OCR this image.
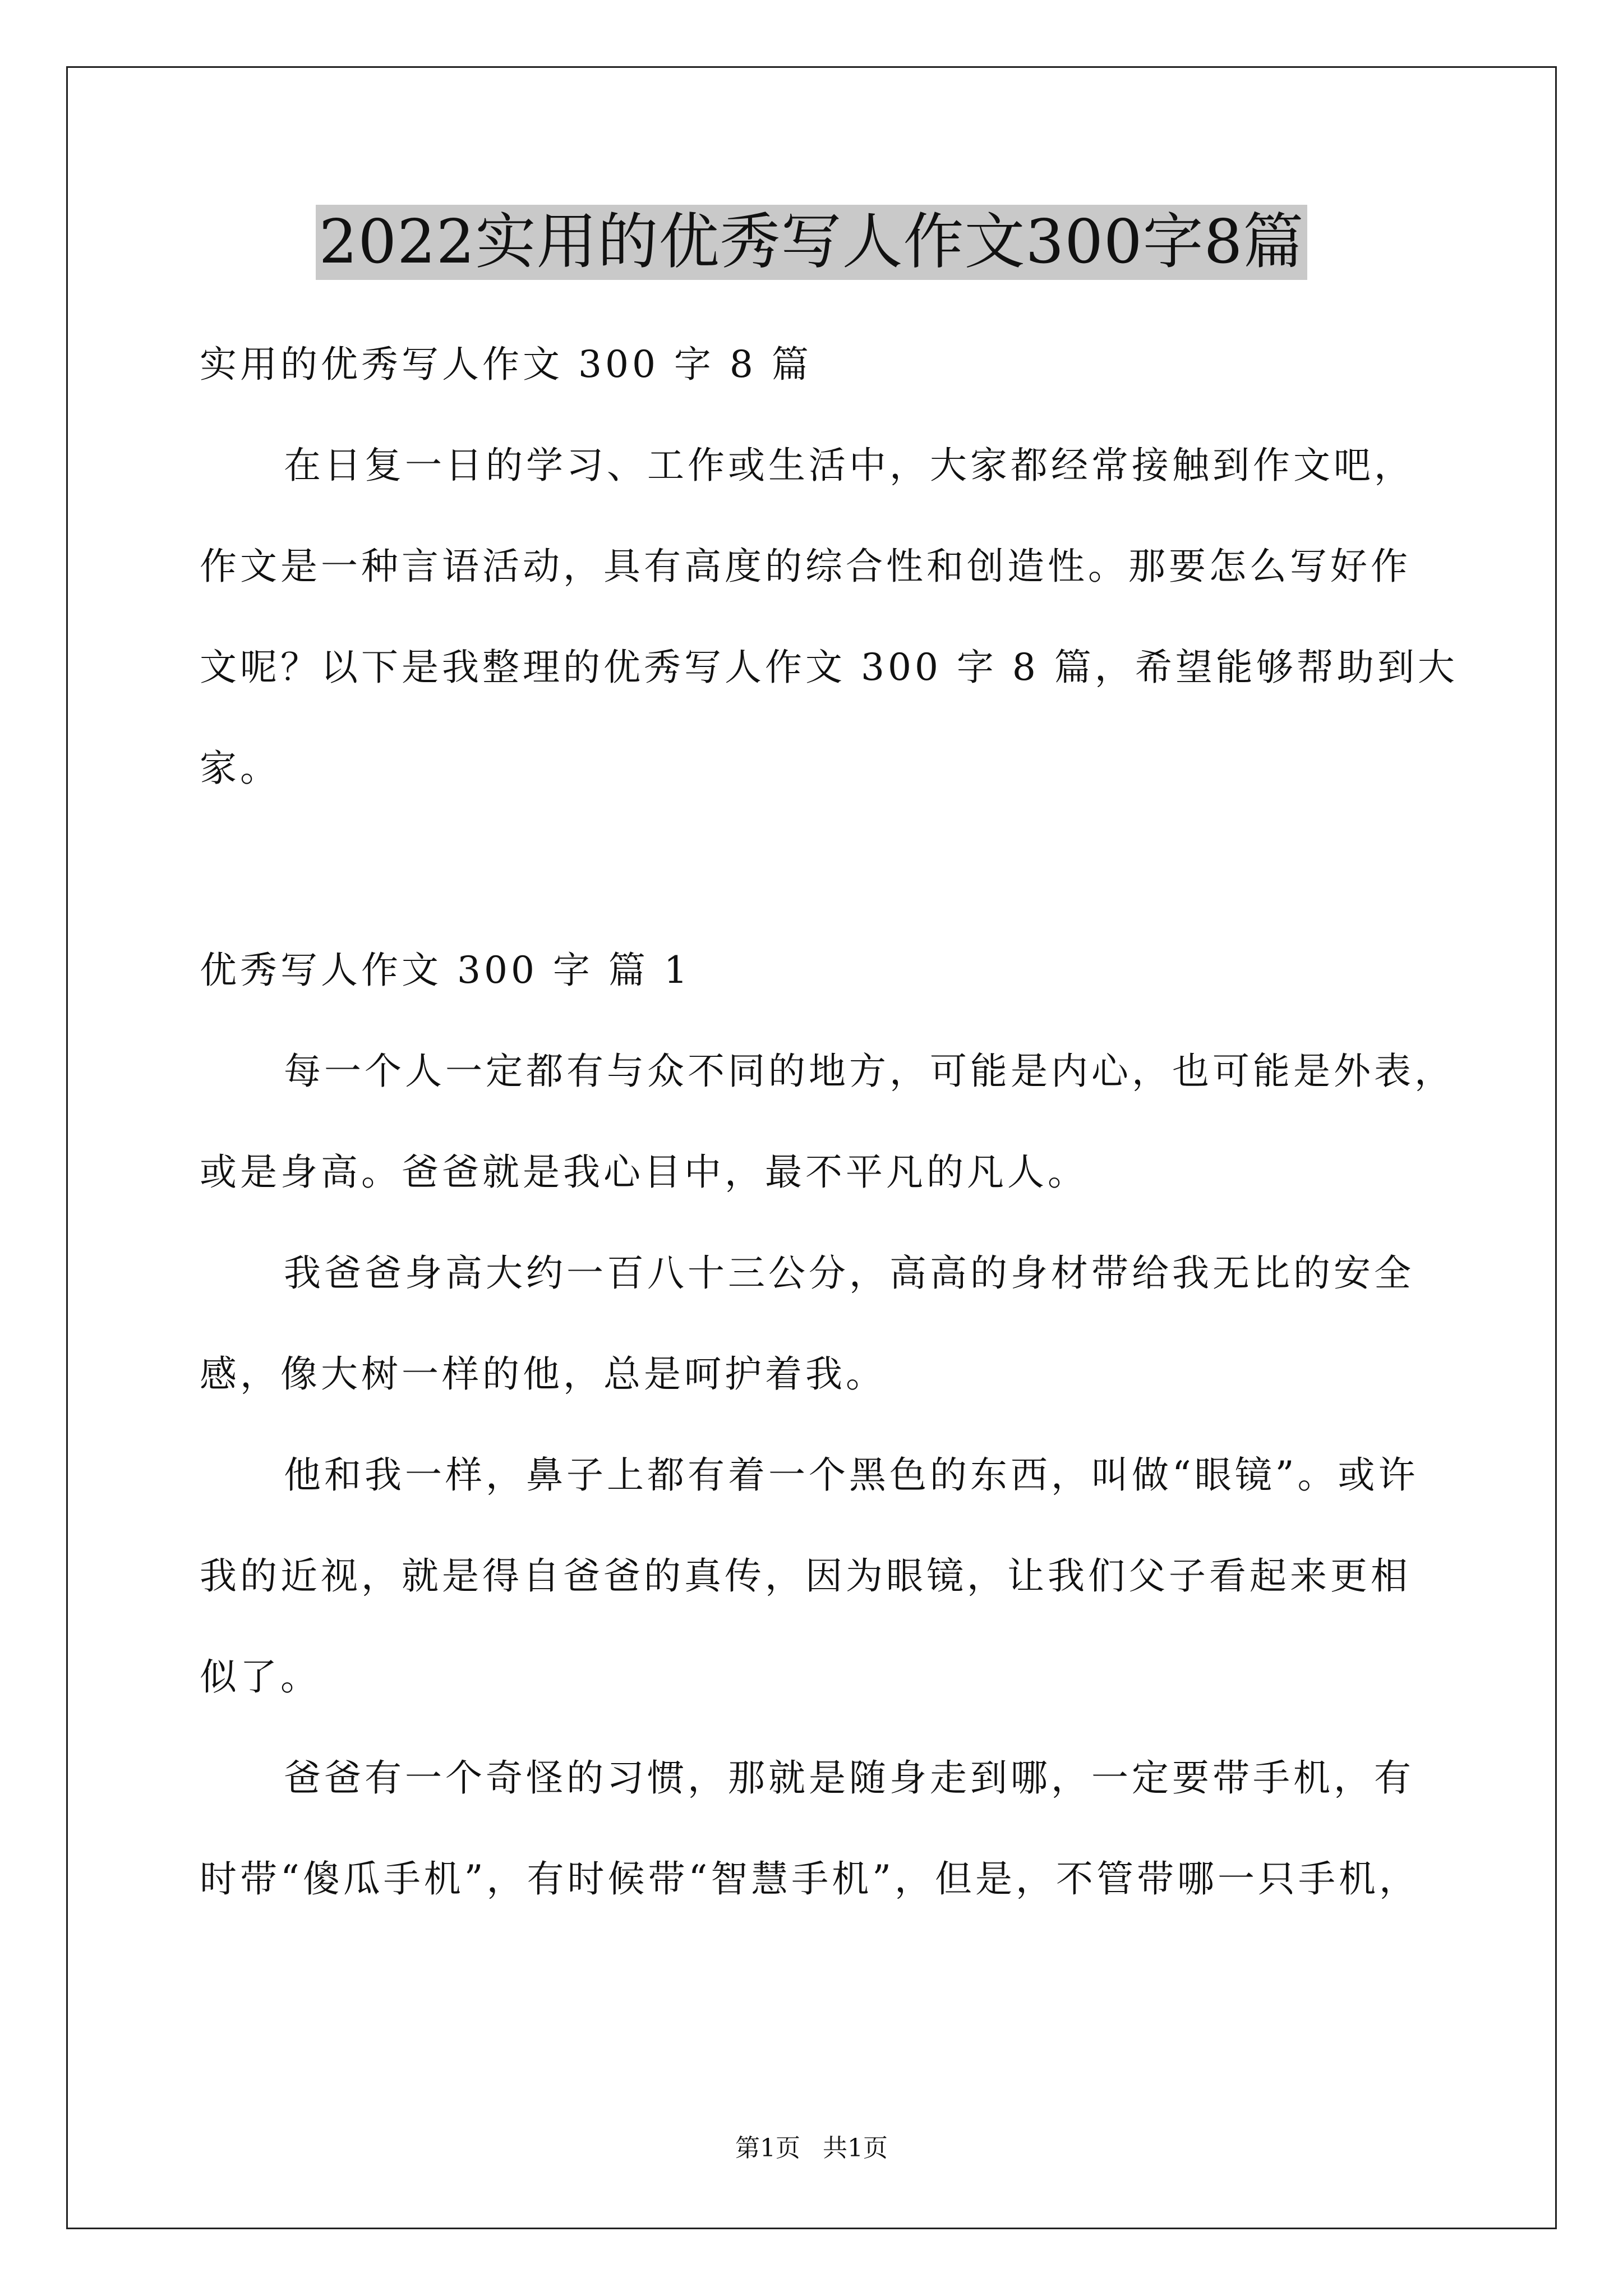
2022实用的优秀写人作文300字8篇
实用的优秀写人作文 300 字 8 篇
在日复一日的学习、工作或生活中，大家都经常接触到作文吧，
作文是一种言语活动，具有高度的综合性和创造性。那要怎么写好作
文呢？以下是我整理的优秀写人作文 300 字 8 篇，希望能够帮助到大
家。
优秀写人作文 300 字 篇 1
每一个人一定都有与众不同的地方，可能是内心，也可能是外表，
或是身高。爸爸就是我心目中，最不平凡的凡人。
我爸爸身高大约一百八十三公分，高高的身材带给我无比的安全
感，像大树一样的他，总是呵护着我。
他和我一样，鼻子上都有着一个黑色的东西，叫做“眼镜”。或许
我的近视，就是得自爸爸的真传，因为眼镜，让我们父子看起来更相
似了。
爸爸有一个奇怪的习惯，那就是随身走到哪，一定要带手机，有
时带“傻瓜手机”，有时候带“智慧手机”，但是，不管带哪一只手机，
第1页 共1页
